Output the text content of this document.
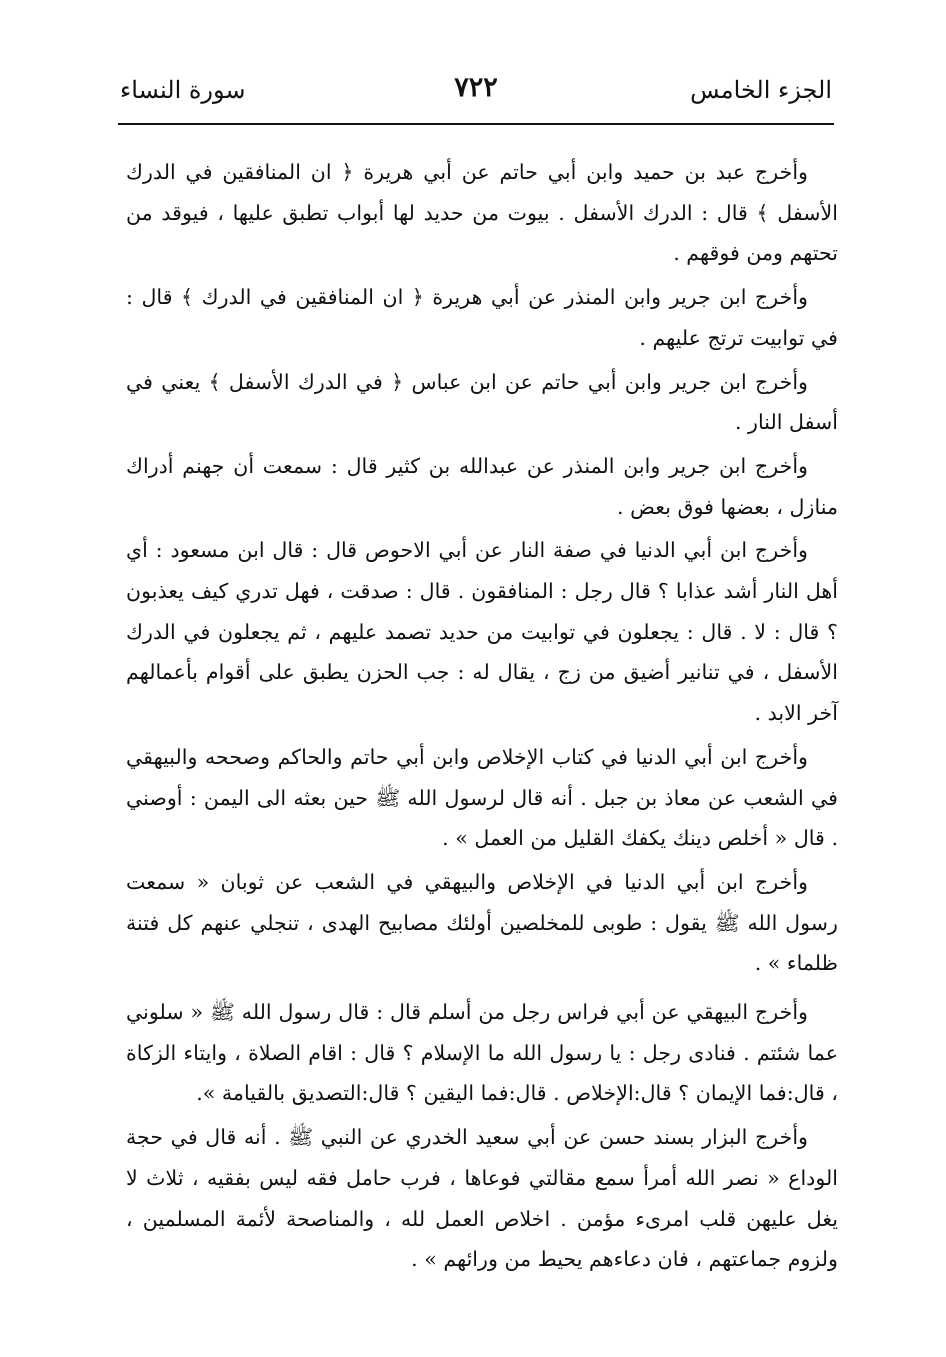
الجزء الخامس
٧٢٢
سورة النساء

وأخرج عبد بن حميد وابن أبي حاتم عن أبي هريرة ﴿ ان المنافقين في الدرك الأسفل ﴾ قال : الدرك الأسفل . بيوت من حديد لها أبواب تطبق عليها ، فيوقد من تحتهم ومن فوقهم .

وأخرج ابن جرير وابن المنذر عن أبي هريرة ﴿ ان المنافقين في الدرك ﴾ قال : في توابيت ترتج عليهم .

وأخرج ابن جرير وابن أبي حاتم عن ابن عباس ﴿ في الدرك الأسفل ﴾ يعني في أسفل النار .

وأخرج ابن جرير وابن المنذر عن عبدالله بن كثير قال : سمعت أن جهنم أدراك منازل ، بعضها فوق بعض .

وأخرج ابن أبي الدنيا في صفة النار عن أبي الاحوص قال : قال ابن مسعود : أي أهل النار أشد عذابا ؟ قال رجل : المنافقون . قال : صدقت ، فهل تدري كيف يعذبون ؟ قال : لا . قال : يجعلون في توابيت من حديد تصمد عليهم ، ثم يجعلون في الدرك الأسفل ، في تنانير أضيق من زج ، يقال له : جب الحزن يطبق على أقوام بأعمالهم آخر الابد .

وأخرج ابن أبي الدنيا في كتاب الإخلاص وابن أبي حاتم والحاكم وصححه والبيهقي في الشعب عن معاذ بن جبل . أنه قال لرسول الله ﷺ حين بعثه الى اليمن : أوصني . قال « أخلص دينك يكفك القليل من العمل » .

وأخرج ابن أبي الدنيا في الإخلاص والبيهقي في الشعب عن ثوبان « سمعت رسول الله ﷺ يقول : طوبى للمخلصين أولئك مصابيح الهدى ، تنجلي عنهم كل فتنة ظلماء » .

وأخرج البيهقي عن أبي فراس رجل من أسلم قال : قال رسول الله ﷺ « سلوني عما شئتم . فنادى رجل : يا رسول الله ما الإسلام ؟ قال : اقام الصلاة ، وايتاء الزكاة ، قال:فما الإيمان ؟ قال:الإخلاص . قال:فما اليقين ؟ قال:التصديق بالقيامة ».

وأخرج البزار بسند حسن عن أبي سعيد الخدري عن النبي ﷺ . أنه قال في حجة الوداع « نصر الله أمرأ سمع مقالتي فوعاها ، فرب حامل فقه ليس بفقيه ، ثلاث لا يغل عليهن قلب امرىء مؤمن . اخلاص العمل لله ، والمناصحة لأئمة المسلمين ، ولزوم جماعتهم ، فان دعاءهم يحيط من ورائهم » .
